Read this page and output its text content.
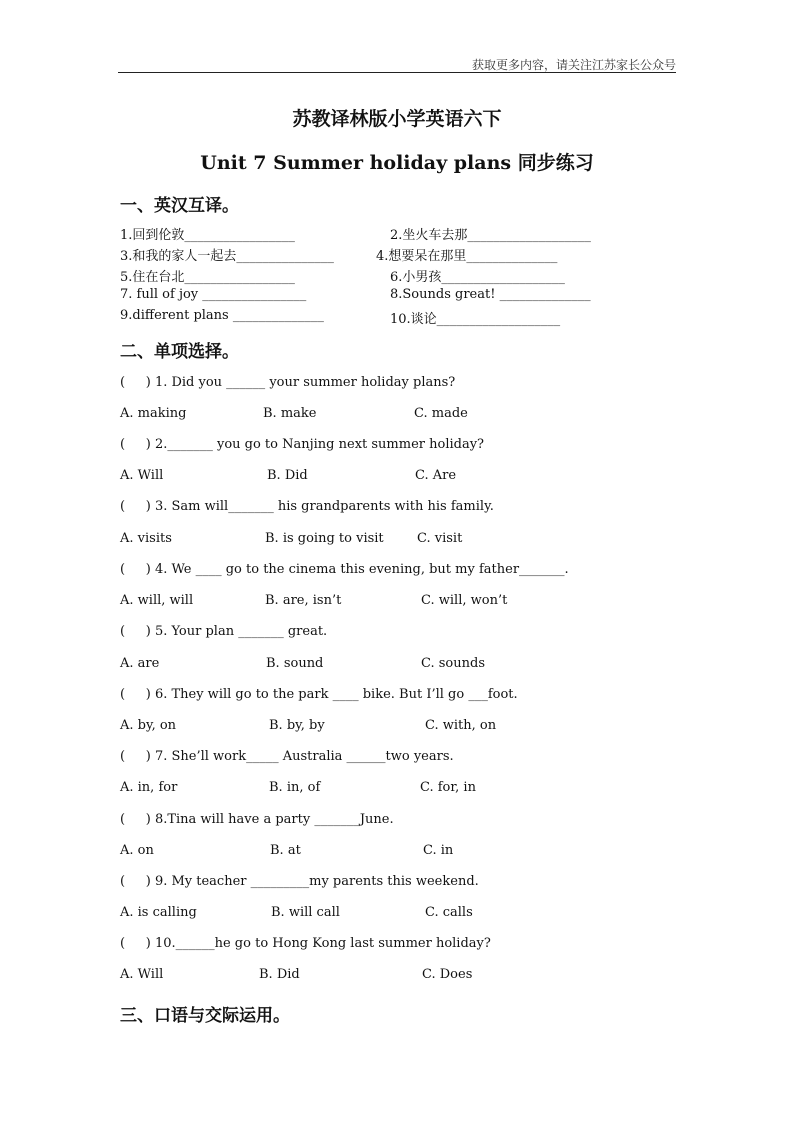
获取更多内容，请关注江苏家长公众号
苏教译林版小学英语六下
Unit 7 Summer holiday plans 同步练习
一、英汉互译。
1.回到伦敦_________________	2.坐火车去那___________________
3.和我的家人一起去_______________	4.想要呆在那里______________
5.住在台北_________________	6.小男孩___________________
7. full of joy ________________	8.Sounds great! ______________
9.different plans ______________	10.谈论___________________
二、单项选择。
(     ) 1. Did you ______ your summer holiday plans?
A. making	B. make	C. made
(     ) 2._______ you go to Nanjing next summer holiday?
A. Will	B. Did	C. Are
(     ) 3. Sam will_______ his grandparents with his family.
A. visits	B. is going to visit	C. visit
(     ) 4. We ____ go to the cinema this evening, but my father_______.
A. will, will	B. are, isn’t	C. will, won’t
(     ) 5. Your plan _______ great.
A. are	B. sound	C. sounds
(     ) 6. They will go to the park ____ bike. But I’ll go ___foot.
A. by, on	B. by, by	C. with, on
(     ) 7. She’ll work_____ Australia ______two years.
A. in, for	B. in, of	C. for, in
(     ) 8.Tina will have a party _______June.
A. on	B. at	C. in
(     ) 9. My teacher _________my parents this weekend.
A. is calling	B. will call	C. calls
(     ) 10.______he go to Hong Kong last summer holiday?
A. Will	B. Did	C. Does
三、口语与交际运用。
